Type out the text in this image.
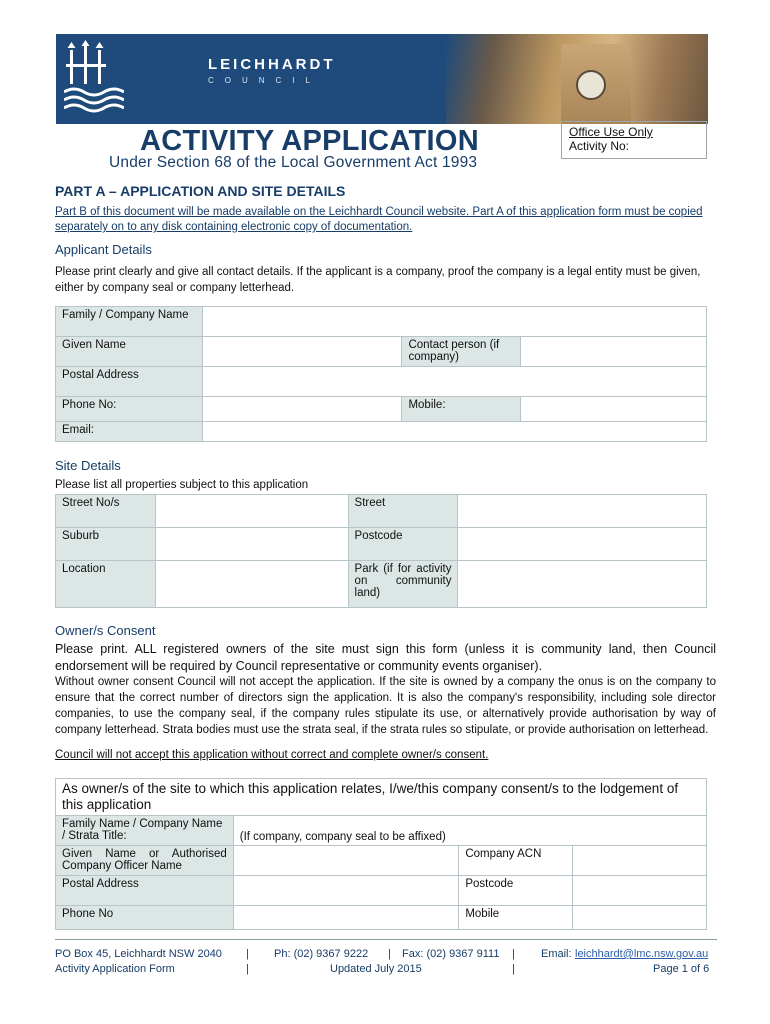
LEICHHARDT
COUNCIL
ACTIVITY APPLICATION
Under Section 68 of the Local Government Act 1993
Office Use Only
Activity No:
PART A – APPLICATION AND SITE DETAILS
Part B of this document will be made available on the Leichhardt Council website. Part A of this application form must be copied separately on to any disk containing electronic copy of documentation.
Applicant Details
Please print clearly and give all contact details. If the applicant is a company, proof the company is a legal entity must be given, either by company seal or company letterhead.
Family / Company Name			
Given Name		Contact person (if company)	
Postal Address			
Phone No:		Mobile:	
Email:			
Site Details
Please list all properties subject to this application
Street No/s		Street	
Suburb		Postcode	
Location		Park (if for activity on community land)	
Owner/s Consent
Please print. ALL registered owners of the site must sign this form (unless it is community land, then Council endorsement will be required by Council representative or community events organiser).
Without owner consent Council will not accept the application. If the site is owned by a company the onus is on the company to ensure that the correct number of directors sign the application. It is also the company's responsibility, including sole director companies, to use the company seal, if the company rules stipulate its use, or alternatively provide authorisation by way of company letterhead. Strata bodies must use the strata seal, if the strata rules so stipulate, or provide authorisation on letterhead.
Council will not accept this application without correct and complete owner/s consent.
As owner/s of the site to which this application relates, I/we/this company consent/s to the lodgement of this application			
Family Name / Company Name / Strata Title:	(If company, company seal to be affixed)		
Given Name or Authorised Company Officer Name		Company ACN	
Postal Address		Postcode	
Phone No		Mobile	
PO Box 45, Leichhardt NSW 2040
Activity Application Form
|
|
Ph: (02) 9367 9222 | Fax: (02) 9367 9111
Updated July 2015
|
|
Email: leichhardt@lmc.nsw.gov.au
Page 1 of 6
